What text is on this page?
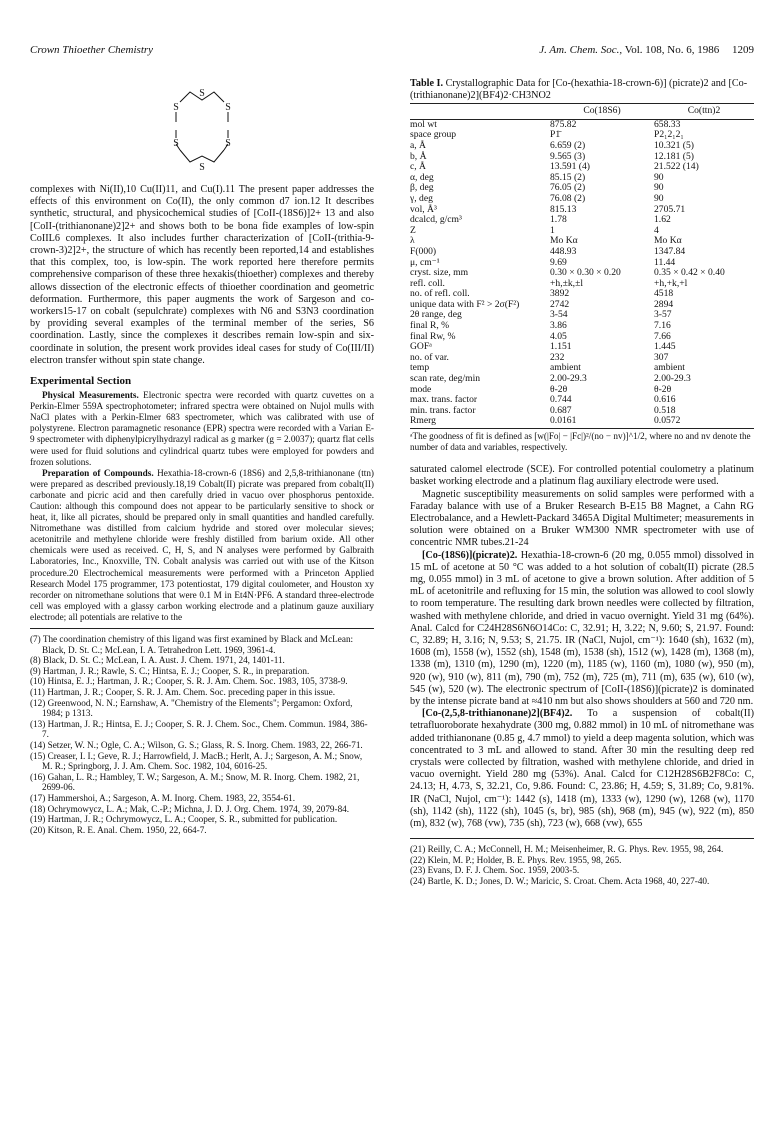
Crown Thioether Chemistry	J. Am. Chem. Soc., Vol. 108, No. 6, 1986 1209
S
S	S
S	S
S

complexes with Ni(II),10 Cu(II)11, and Cu(I).11 The present paper addresses the effects of this environment on Co(II), the only common d7 ion.12 It describes synthetic, structural, and physicochemical studies of [CoII-(18S6)]2+ 13 and also [CoII-(trithianonane)2]2+ and shows both to be bona fide examples of low-spin CoIIL6 complexes. It also includes further characterization of [CoII-(trithia-9-crown-3)2]2+, the structure of which has recently been reported,14 and establishes that this complex, too, is low-spin. The work reported here therefore permits comprehensive comparison of these three hexakis(thioether) complexes and thereby allows dissection of the electronic effects of thioether coordination and geometric deformation. Furthermore, this paper augments the work of Sargeson and co-workers15-17 on cobalt (sepulchrate) complexes with N6 and S3N3 coordination by providing several examples of the terminal member of the series, S6 coordination. Lastly, since the complexes it describes remain low-spin and six-coordinate in solution, the present work provides ideal cases for study of Co(III/II) electron transfer without spin state change.

Experimental Section

Physical Measurements. Electronic spectra were recorded with quartz cuvettes on a Perkin-Elmer 559A spectrophotometer; infrared spectra were obtained on Nujol mulls with NaCl plates with a Perkin-Elmer 683 spectrometer, which was calibrated with use of polystyrene. Electron paramagnetic resonance (EPR) spectra were recorded with a Varian E-9 spectrometer with diphenylpicrylhydrazyl radical as g marker (g = 2.0037); quartz flat cells were used for fluid solutions and cylindrical quartz tubes were employed for powders and frozen solutions.

Preparation of Compounds. Hexathia-18-crown-6 (18S6) and 2,5,8-trithianonane (ttn) were prepared as described previously.18,19 Cobalt(II) picrate was prepared from cobalt(II) carbonate and picric acid and then carefully dried in vacuo over phosphorus pentoxide. Caution: although this compound does not appear to be particularly sensitive to shock or heat, it, like all picrates, should be prepared only in small quantities and handled carefully. Nitromethane was distilled from calcium hydride and stored over molecular sieves; acetonitrile and methylene chloride were freshly distilled from barium oxide. All other chemicals were used as received. C, H, S, and N analyses were performed by Galbraith Laboratories, Inc., Knoxville, TN. Cobalt analysis was carried out with use of the Kitson procedure.20 Electrochemical measurements were performed with a Princeton Applied Research Model 175 programmer, 173 potentiostat, 179 digital coulometer, and Houston xy recorder on nitromethane solutions that were 0.1 M in Et4N·PF6. A standard three-electrode cell was employed with a glassy carbon working electrode and a platinum gauze auxiliary electrode; all potentials are relative to the

(7) The coordination chemistry of this ligand was first examined by Black and McLean: Black, D. St. C.; McLean, I. A. Tetrahedron Lett. 1969, 3961-4.

(8) Black, D. St. C.; McLean, I. A. Aust. J. Chem. 1971, 24, 1401-11.

(9) Hartman, J. R.; Rawle, S. C.; Hintsa, E. J.; Cooper, S. R., in preparation.

(10) Hintsa, E. J.; Hartman, J. R.; Cooper, S. R. J. Am. Chem. Soc. 1983, 105, 3738-9.

(11) Hartman, J. R.; Cooper, S. R. J. Am. Chem. Soc. preceding paper in this issue.

(12) Greenwood, N. N.; Earnshaw, A. "Chemistry of the Elements"; Pergamon: Oxford, 1984; p 1313.

(13) Hartman, J. R.; Hintsa, E. J.; Cooper, S. R. J. Chem. Soc., Chem. Commun. 1984, 386-7.

(14) Setzer, W. N.; Ogle, C. A.; Wilson, G. S.; Glass, R. S. Inorg. Chem. 1983, 22, 266-71.

(15) Creaser, I. I.; Geve, R. J.; Harrowfield, J. MacB.; Herlt, A. J.; Sargeson, A. M.; Snow, M. R.; Springborg, J. J. Am. Chem. Soc. 1982, 104, 6016-25.

(16) Gahan, L. R.; Hambley, T. W.; Sargeson, A. M.; Snow, M. R. Inorg. Chem. 1982, 21, 2699-06.

(17) Hammershoi, A.; Sargeson, A. M. Inorg. Chem. 1983, 22, 3554-61.

(18) Ochrymowycz, L. A.; Mak, C.-P.; Michna, J. D. J. Org. Chem. 1974, 39, 2079-84.

(19) Hartman, J. R.; Ochrymowycz, L. A.; Cooper, S. R., submitted for publication.

(20) Kitson, R. E. Anal. Chem. 1950, 22, 664-7.

Table I. Crystallographic Data for [Co-(hexathia-18-crown-6)] (picrate)2 and [Co-(trithianonane)2](BF4)2·CH3NO2

	Co(18S6)	Co(ttn)2
mol wt	875.82	658.33
space group	P1̄	P2₁2₁2₁
a, Å	6.659 (2)	10.321 (5)
b, Å	9.565 (3)	12.181 (5)
c, Å	13.591 (4)	21.522 (14)
α, deg	85.15 (2)	90
β, deg	76.05 (2)	90
γ, deg	76.08 (2)	90
vol, Å³	815.13	2705.71
dcalcd, g/cm³	1.78	1.62
Z	1	4
λ	Mo Kα	Mo Kα
F(000)	448.93	1347.84
μ, cm⁻¹	9.69	11.44
cryst. size, mm	0.30 × 0.30 × 0.20	0.35 × 0.42 × 0.40
refl. coll.	+h,±k,±l	+h,+k,+l
no. of refl. coll.	3892	4518
unique data with F² > 2σ(F²)	2742	2894
2θ range, deg	3-54	3-57
final R, %	3.86	7.16
final Rw, %	4.05	7.66
GOFᵃ	1.151	1.445
no. of var.	232	307
temp	ambient	ambient
scan rate, deg/min	2.00-29.3	2.00-29.3
mode	θ-2θ	θ-2θ
max. trans. factor	0.744	0.616
min. trans. factor	0.687	0.518
Rmerg	0.0161	0.0572

ᵃThe goodness of fit is defined as [w(|Fo| − |Fc|)²/(no − nv)]^1/2, where no and nv denote the number of data and variables, respectively.

saturated calomel electrode (SCE). For controlled potential coulometry a platinum basket working electrode and a platinum flag auxiliary electrode were used.

Magnetic susceptibility measurements on solid samples were performed with a Faraday balance with use of a Bruker Research B-E15 B8 Magnet, a Cahn RG Electrobalance, and a Hewlett-Packard 3465A Digital Multimeter; measurements in solution were obtained on a Bruker WM300 NMR spectrometer with use of concentric NMR tubes.21-24

[Co-(18S6)](picrate)2. Hexathia-18-crown-6 (20 mg, 0.055 mmol) dissolved in 15 mL of acetone at 50 °C was added to a hot solution of cobalt(II) picrate (28.5 mg, 0.055 mmol) in 3 mL of acetone to give a brown solution. After addition of 5 mL of acetonitrile and refluxing for 15 min, the solution was allowed to cool slowly to room temperature. The resulting dark brown needles were collected by filtration, washed with methylene chloride, and dried in vacuo overnight. Yield 31 mg (64%). Anal. Calcd for C24H28S6N6O14Co: C, 32.91; H, 3.22; N, 9.60; S, 21.97. Found: C, 32.89; H, 3.16; N, 9.53; S, 21.75. IR (NaCl, Nujol, cm⁻¹): 1640 (sh), 1632 (m), 1608 (m), 1558 (w), 1552 (sh), 1548 (m), 1538 (sh), 1512 (w), 1428 (m), 1368 (m), 1338 (m), 1310 (m), 1290 (m), 1220 (m), 1185 (w), 1160 (m), 1080 (w), 950 (m), 920 (w), 910 (w), 811 (m), 790 (m), 752 (m), 725 (m), 711 (m), 635 (w), 610 (w), 545 (w), 520 (w). The electronic spectrum of [CoII-(18S6)](picrate)2 is dominated by the intense picrate band at ≈410 nm but also shows shoulders at 560 and 720 nm.

[Co-(2,5,8-trithianonane)2](BF4)2. To a suspension of cobalt(II) tetrafluoroborate hexahydrate (300 mg, 0.882 mmol) in 10 mL of nitromethane was added trithianonane (0.85 g, 4.7 mmol) to yield a deep magenta solution, which was concentrated to 3 mL and allowed to stand. After 30 min the resulting deep red crystals were collected by filtration, washed with methylene chloride, and dried in vacuo overnight. Yield 280 mg (53%). Anal. Calcd for C12H28S6B2F8Co: C, 24.13; H, 4.73, S, 32.21, Co, 9.86. Found: C, 23.86; H, 4.59; S, 31.89; Co, 9.81%. IR (NaCl, Nujol, cm⁻¹): 1442 (s), 1418 (m), 1333 (w), 1290 (w), 1268 (w), 1170 (sh), 1142 (sh), 1122 (sh), 1045 (s, br), 985 (sh), 968 (m), 945 (w), 922 (m), 850 (m), 832 (w), 768 (vw), 735 (sh), 723 (w), 668 (vw), 655

(21) Reilly, C. A.; McConnell, H. M.; Meisenheimer, R. G. Phys. Rev. 1955, 98, 264.

(22) Klein, M. P.; Holder, B. E. Phys. Rev. 1955, 98, 265.

(23) Evans, D. F. J. Chem. Soc. 1959, 2003-5.

(24) Bartle, K. D.; Jones, D. W.; Maricic, S. Croat. Chem. Acta 1968, 40, 227-40.
